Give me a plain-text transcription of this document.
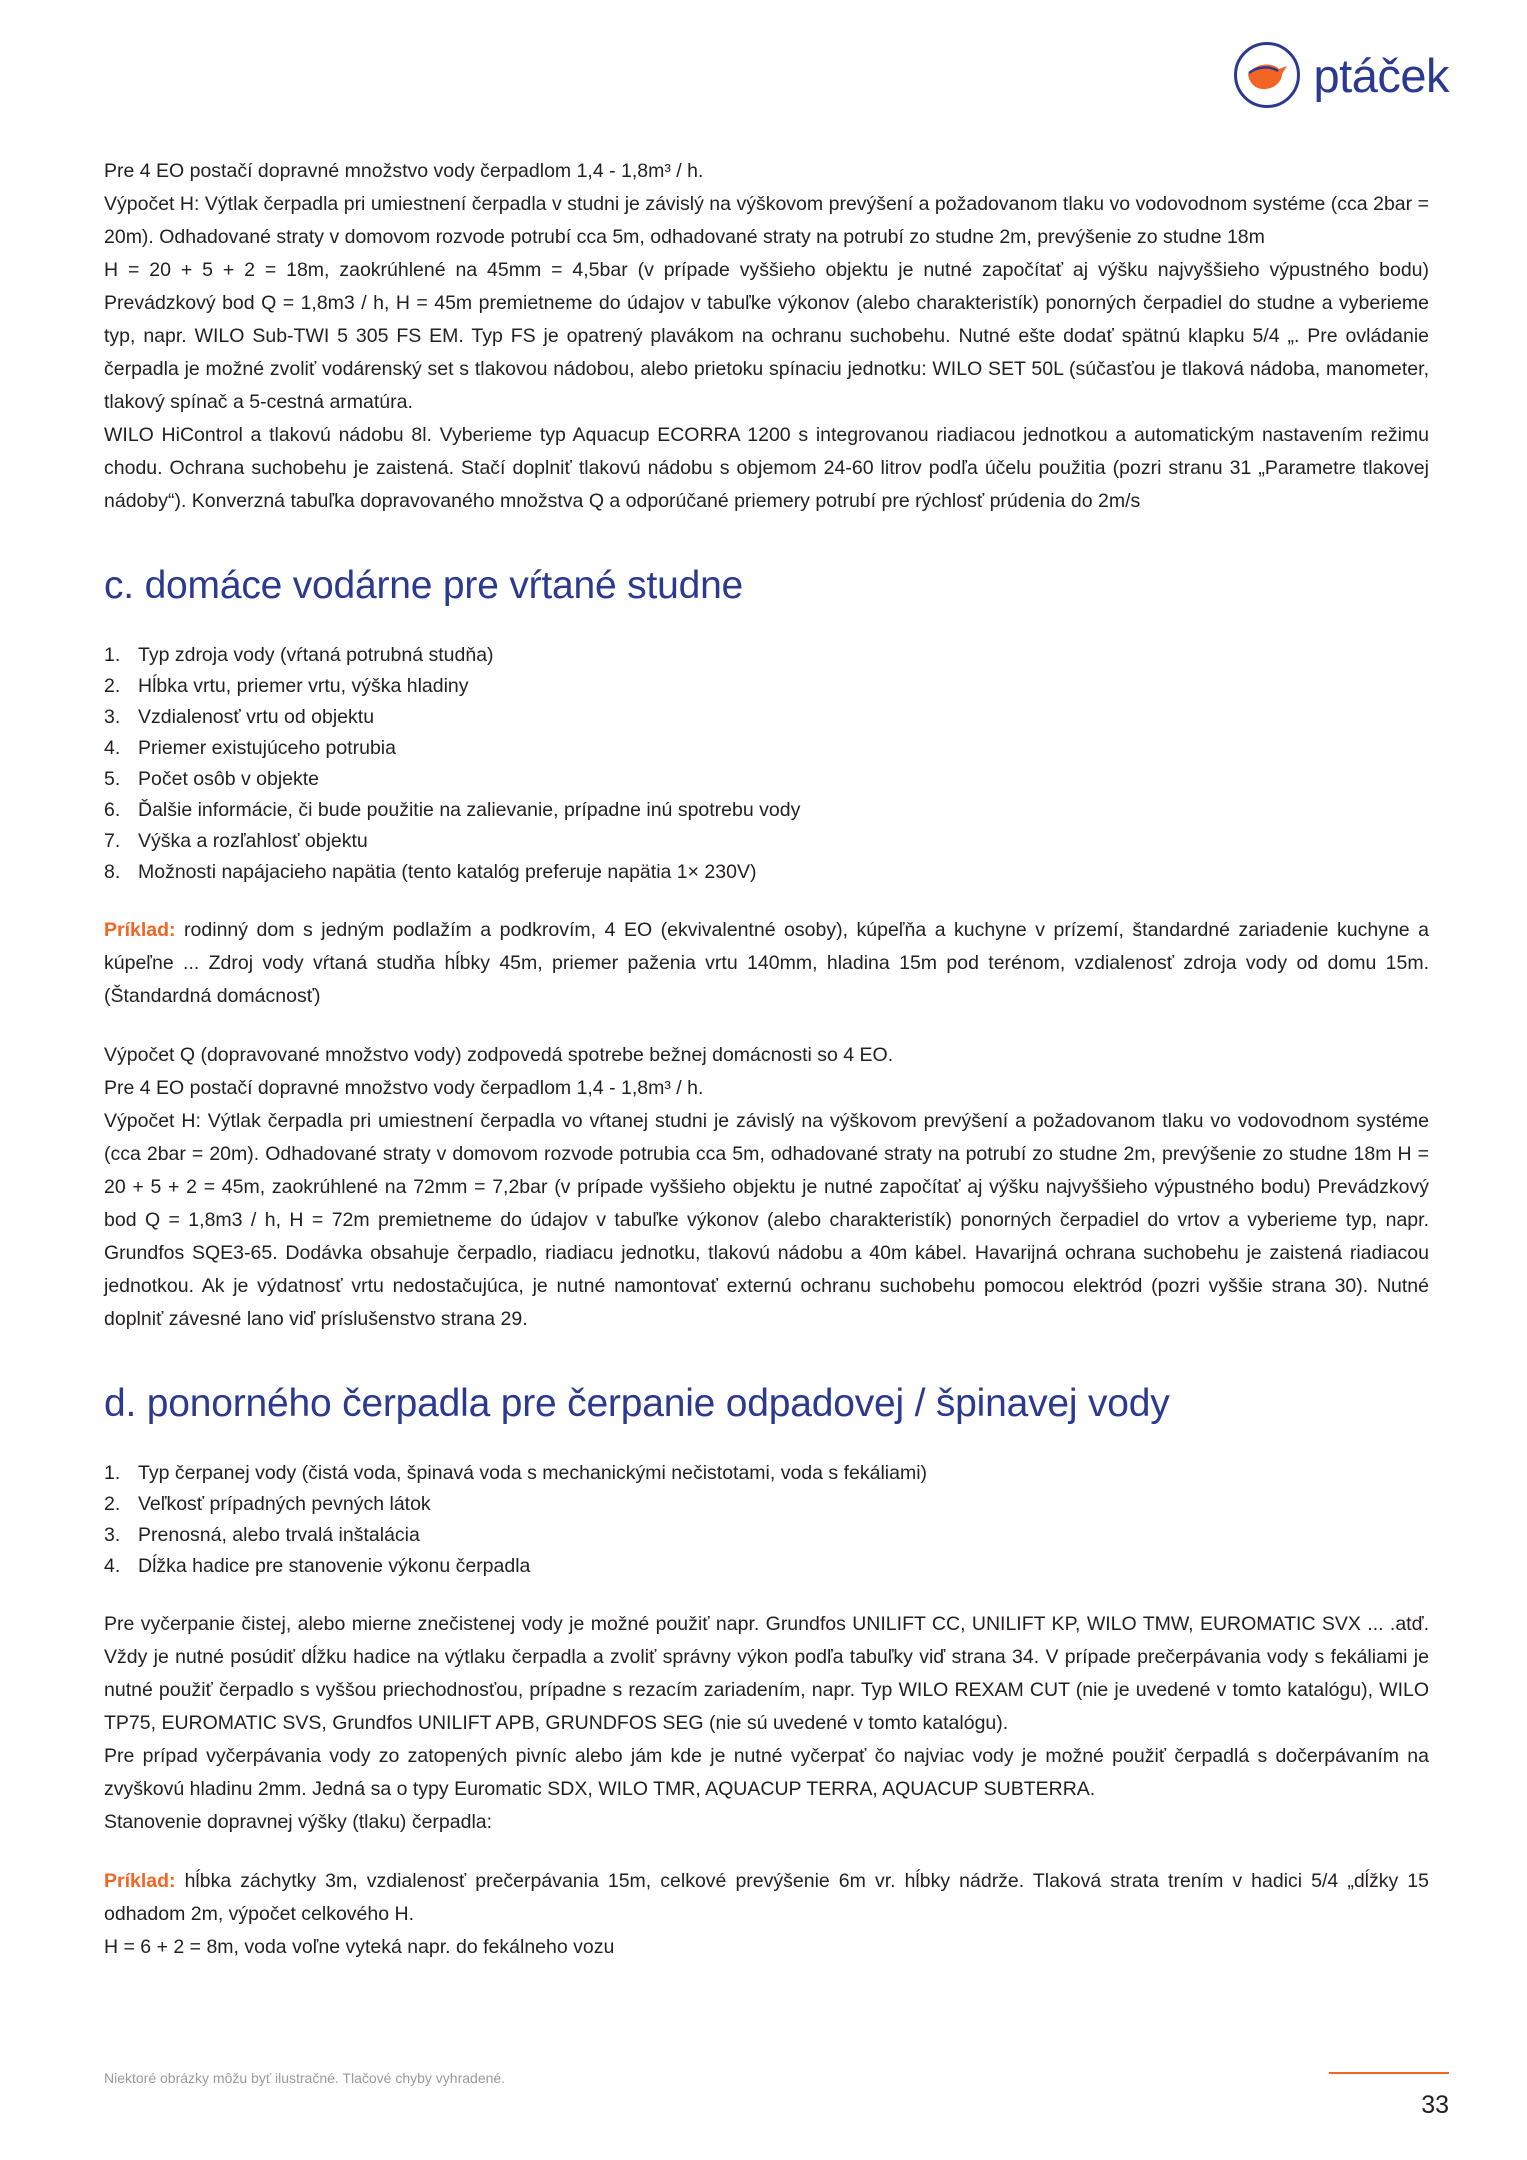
ptáček

Pre 4 EO postačí dopravné množstvo vody čerpadlom 1,4 - 1,8m³ / h.

Výpočet H: Výtlak čerpadla pri umiestnení čerpadla v studni je závislý na výškovom prevýšení a požadovanom tlaku vo vodovodnom systéme (cca 2bar = 20m). Odhadované straty v domovom rozvode potrubí cca 5m, odhadované straty na potrubí zo studne 2m, prevýšenie zo studne 18m

H = 20 + 5 + 2 = 18m, zaokrúhlené na 45mm = 4,5bar (v prípade vyššieho objektu je nutné započítať aj výšku najvyššieho výpustného bodu) Prevádzkový bod Q = 1,8m3 / h, H = 45m premietneme do údajov v tabuľke výkonov (alebo charakteristík) ponorných čerpadiel do studne a vyberieme typ, napr. WILO Sub-TWI 5 305 FS EM. Typ FS je opatrený plavákom na ochranu suchobehu. Nutné ešte dodať spätnú klapku 5/4 „. Pre ovládanie čerpadla je možné zvoliť vodárenský set s tlakovou nádobou, alebo prietoku spínaciu jednotku: WILO SET 50L (súčasťou je tlaková nádoba, manometer, tlakový spínač a 5-cestná armatúra.

WILO HiControl a tlakovú nádobu 8l. Vyberieme typ Aquacup ECORRA 1200 s integrovanou riadiacou jednotkou a automatickým nastavením režimu chodu. Ochrana suchobehu je zaistená. Stačí doplniť tlakovú nádobu s objemom 24-60 litrov podľa účelu použitia (pozri stranu 31 „Parametre tlakovej nádoby“). Konverzná tabuľka dopravovaného množstva Q a odporúčané priemery potrubí pre rýchlosť prúdenia do 2m/s

c. domáce vodárne pre vŕtané studne
Typ zdroja vody (vŕtaná potrubná studňa)
Hĺbka vrtu, priemer vrtu, výška hladiny
Vzdialenosť vrtu od objektu
Priemer existujúceho potrubia
Počet osôb v objekte
Ďalšie informácie, či bude použitie na zalievanie, prípadne inú spotrebu vody
Výška a rozľahlosť objektu
Možnosti napájacieho napätia (tento katalóg preferuje napätia 1× 230V)

Príklad: rodinný dom s jedným podlažím a podkrovím, 4 EO (ekvivalentné osoby), kúpeľňa a kuchyne v prízemí, štandardné zariadenie kuchyne a kúpeľne ... Zdroj vody vŕtaná studňa hĺbky 45m, priemer paženia vrtu 140mm, hladina 15m pod terénom, vzdialenosť zdroja vody od domu 15m. (Štandardná domácnosť)

Výpočet Q (dopravované množstvo vody) zodpovedá spotrebe bežnej domácnosti so 4 EO.

Pre 4 EO postačí dopravné množstvo vody čerpadlom 1,4 - 1,8m³ / h.

Výpočet H: Výtlak čerpadla pri umiestnení čerpadla vo vŕtanej studni je závislý na výškovom prevýšení a požadovanom tlaku vo vodovodnom systéme (cca 2bar = 20m). Odhadované straty v domovom rozvode potrubia cca 5m, odhadované straty na potrubí zo studne 2m, prevýšenie zo studne 18m H = 20 + 5 + 2 = 45m, zaokrúhlené na 72mm = 7,2bar (v prípade vyššieho objektu je nutné započítať aj výšku najvyššieho výpustného bodu) Prevádzkový bod Q = 1,8m3 / h, H = 72m premietneme do údajov v tabuľke výkonov (alebo charakteristík) ponorných čerpadiel do vrtov a vyberieme typ, napr. Grundfos SQE3-65. Dodávka obsahuje čerpadlo, riadiacu jednotku, tlakovú nádobu a 40m kábel. Havarijná ochrana suchobehu je zaistená riadiacou jednotkou. Ak je výdatnosť vrtu nedostačujúca, je nutné namontovať externú ochranu suchobehu pomocou elektród (pozri vyššie strana 30). Nutné doplniť závesné lano viď príslušenstvo strana 29.

d. ponorného čerpadla pre čerpanie odpadovej / špinavej vody
Typ čerpanej vody (čistá voda, špinavá voda s mechanickými nečistotami, voda s fekáliami)
Veľkosť prípadných pevných látok
Prenosná, alebo trvalá inštalácia
Dĺžka hadice pre stanovenie výkonu čerpadla

Pre vyčerpanie čistej, alebo mierne znečistenej vody je možné použiť napr. Grundfos UNILIFT CC, UNILIFT KP, WILO TMW, EUROMATIC SVX ... .atď. Vždy je nutné posúdiť dĺžku hadice na výtlaku čerpadla a zvoliť správny výkon podľa tabuľky viď strana 34. V prípade prečerpávania vody s fekáliami je nutné použiť čerpadlo s vyššou priechodnosťou, prípadne s rezacím zariadením, napr. Typ WILO REXAM CUT (nie je uvedené v tomto katalógu), WILO TP75, EUROMATIC SVS, Grundfos UNILIFT APB, GRUNDFOS SEG (nie sú uvedené v tomto katalógu).

Pre prípad vyčerpávania vody zo zatopených pivníc alebo jám kde je nutné vyčerpať čo najviac vody je možné použiť čerpadlá s dočerpávaním na zvyškovú hladinu 2mm. Jedná sa o typy Euromatic SDX, WILO TMR, AQUACUP TERRA, AQUACUP SUBTERRA.

Stanovenie dopravnej výšky (tlaku) čerpadla:

Príklad: hĺbka záchytky 3m, vzdialenosť prečerpávania 15m, celkové prevýšenie 6m vr. hĺbky nádrže. Tlaková strata trením v hadici 5/4 „dĺžky 15 odhadom 2m, výpočet celkového H.

H = 6 + 2 = 8m, voda voľne vyteká napr. do fekálneho vozu

Niektoré obrázky môžu byť ilustračné. Tlačové chyby vyhradené.
33
